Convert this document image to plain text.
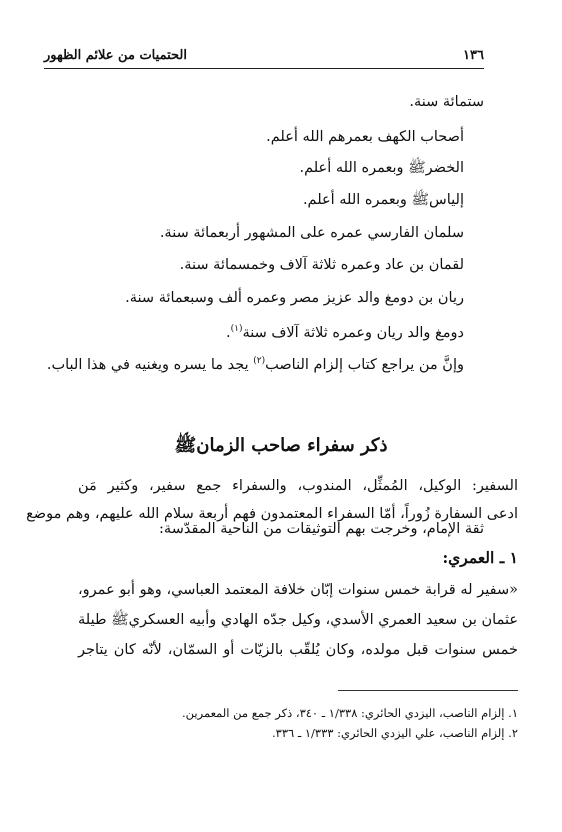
١٣٦
الحتميات من علائم الظهور
ستمائة سنة.
أصحاب الكهف بعمرهم الله أعلم.
الخضرﷺ وبعمره الله أعلم.
إلياسﷺ وبعمره الله أعلم.
سلمان الفارسي عمره على المشهور أربعمائة سنة.
لقمان بن عاد وعمره ثلاثة آلاف وخمسمائة سنة.
ريان بن دومغ والد عزيز مصر وعمره ألف وسبعمائة سنة.
دومغ والد ريان وعمره ثلاثة آلاف سنة$^{(١)}$.
وإنَّ من يراجع كتاب إلزام الناصب$^{(٢)}$ يجد ما يسره ويغنيه في هذا الباب.
ذكر سفراء صاحب الزمانﷺ
السفير: الوكيل، المُمثِّل، المندوب، والسفراء جمع سفير، وكثير مَن
ادعى السفارة زُوراً، أمّا السفراء المعتمدون فهم أربعة سلام الله عليهم، وهم موضع
ثقة الإمام، وخرجت بهم التوثيقات من الناحية المقدّسة:
١ ـ العمري:
«سفير له قرابة خمس سنوات إبّان خلافة المعتمد العباسي، وهو أبو عمرو،
عثمان بن سعيد العمري الأسدي، وكيل جدّه الهادي وأبيه العسكريﷺ طيلة
خمس سنوات قبل مولده، وكان يُلقّب بالزيّات أو السمّان، لأنّه كان يتاجر
١. إلزام الناصب، اليزدي الحائري: ١/٣٣٨ ـ ٣٤٠، ذكر جمع من المعمرين.
٢. إلزام الناصب، علي اليزدي الحائري: ١/٣٣٣ ـ ٣٣٦.
